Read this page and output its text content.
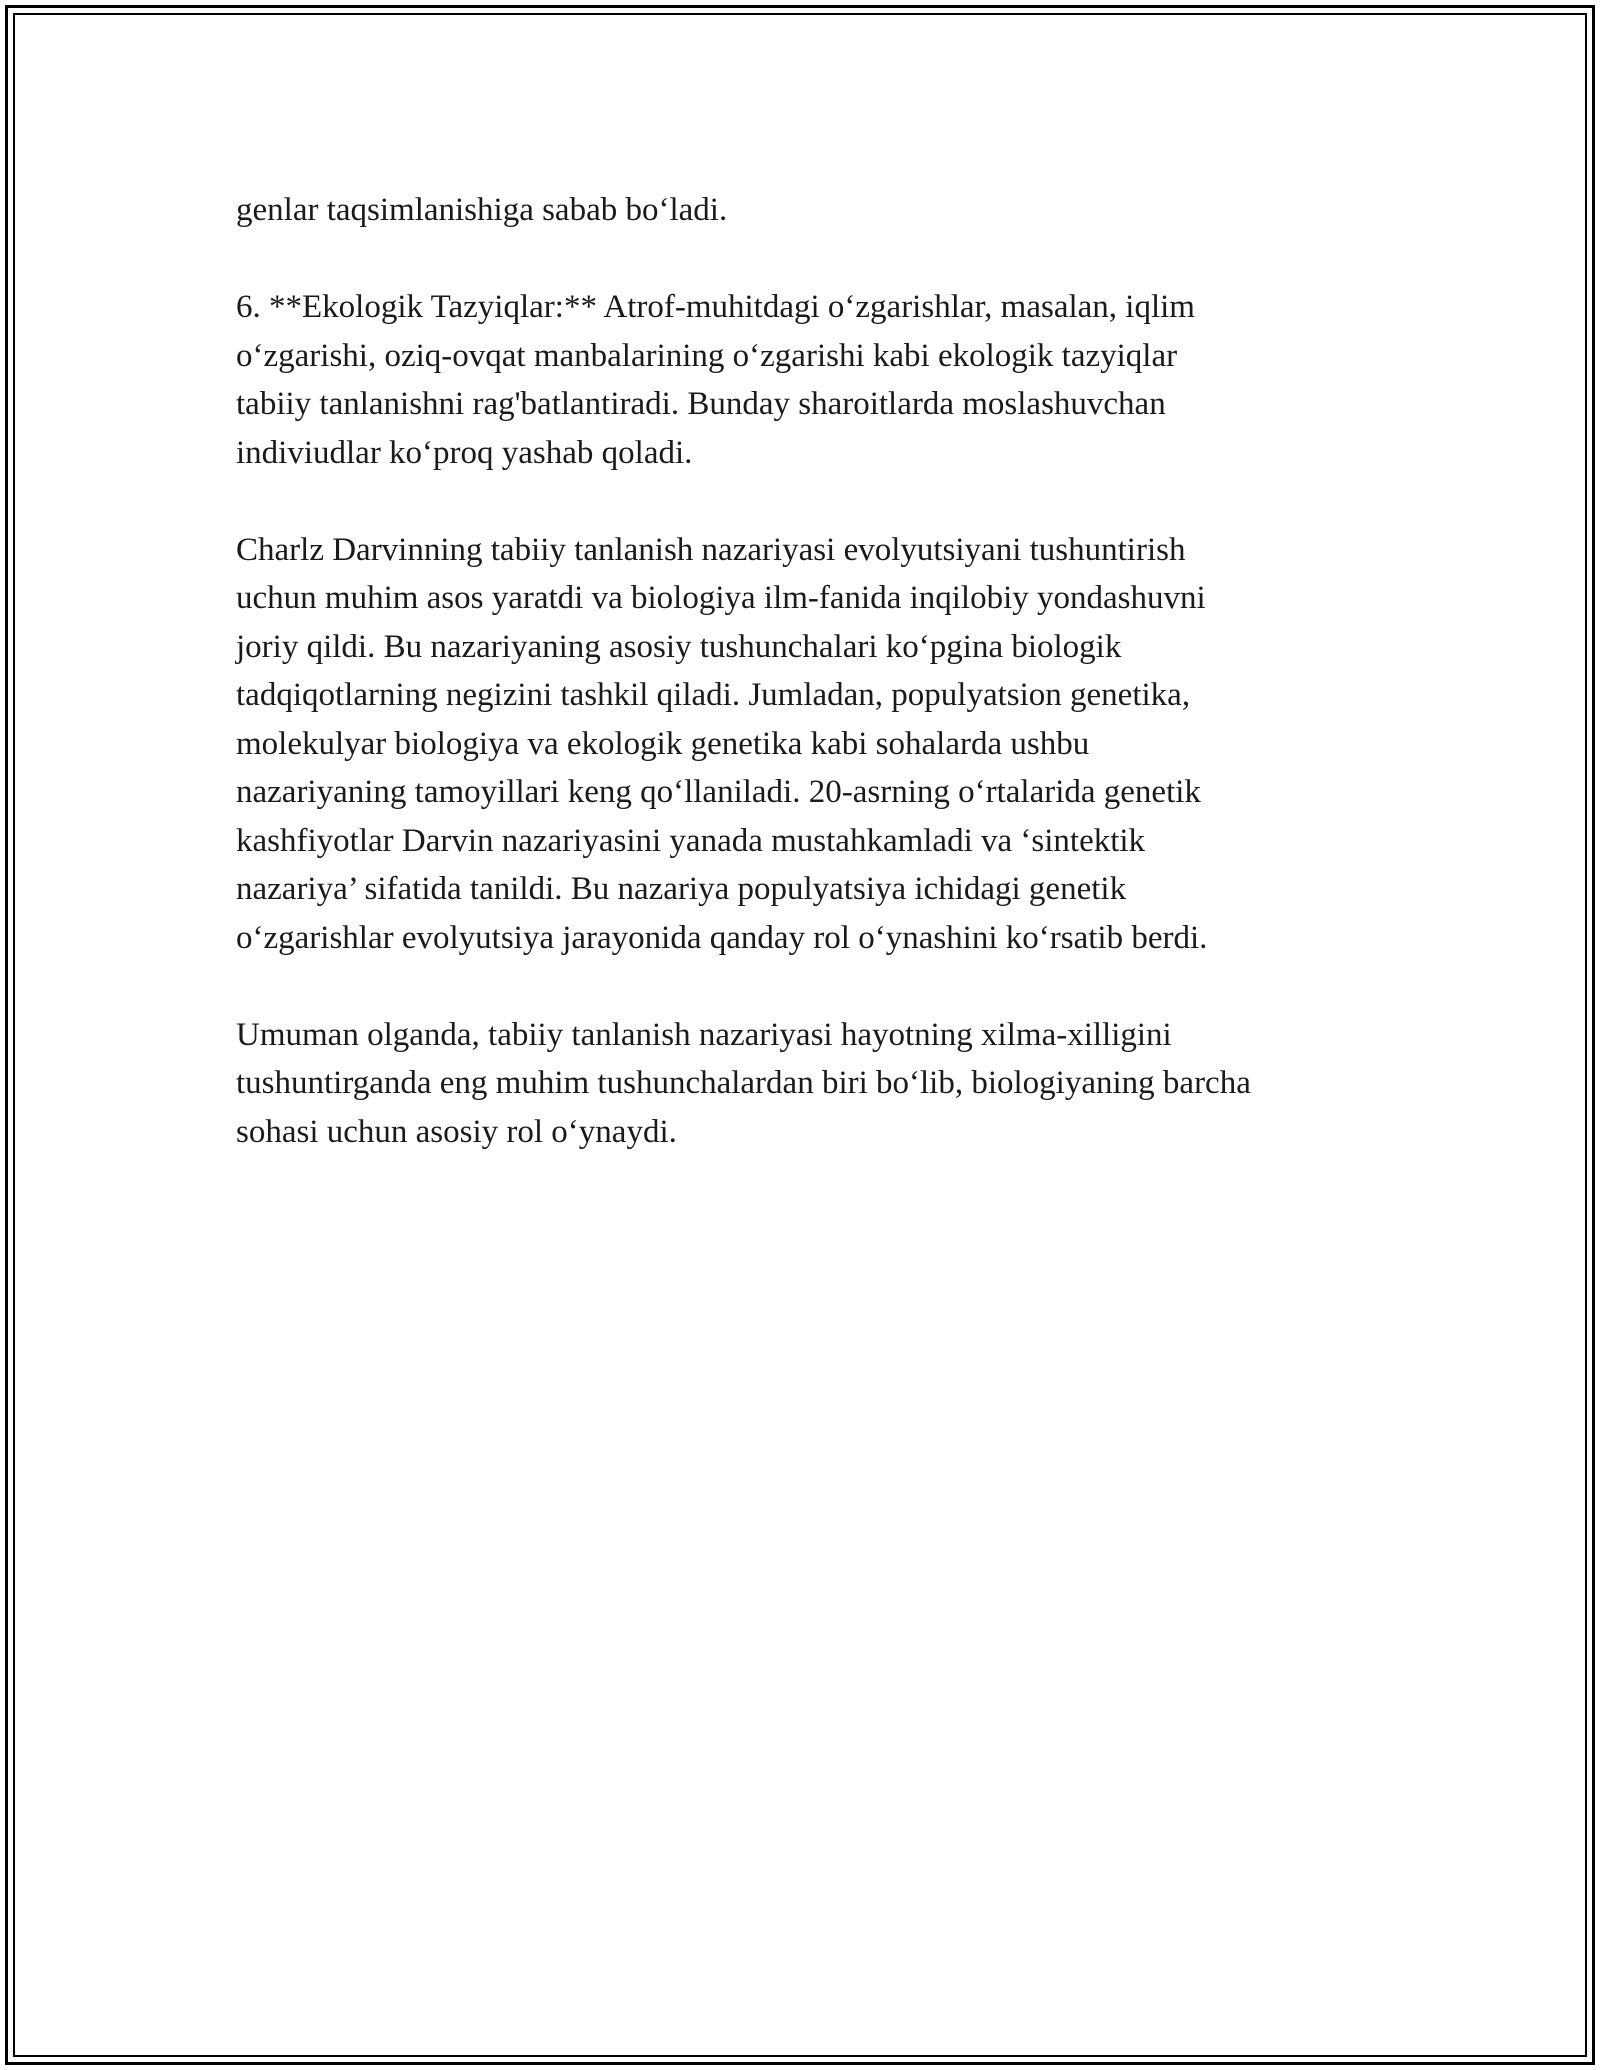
genlar taqsimlanishiga sabab bo‘ladi.

6. **Ekologik Tazyiqlar:** Atrof-muhitdagi o‘zgarishlar, masalan, iqlim
o‘zgarishi, oziq-ovqat manbalarining o‘zgarishi kabi ekologik tazyiqlar
tabiiy tanlanishni rag'batlantiradi. Bunday sharoitlarda moslashuvchan
indiviudlar ko‘proq yashab qoladi.

Charlz Darvinning tabiiy tanlanish nazariyasi evolyutsiyani tushuntirish
uchun muhim asos yaratdi va biologiya ilm-fanida inqilobiy yondashuvni
joriy qildi. Bu nazariyaning asosiy tushunchalari ko‘pgina biologik
tadqiqotlarning negizini tashkil qiladi. Jumladan, populyatsion genetika,
molekulyar biologiya va ekologik genetika kabi sohalarda ushbu
nazariyaning tamoyillari keng qo‘llaniladi. 20-asrning o‘rtalarida genetik
kashfiyotlar Darvin nazariyasini yanada mustahkamladi va ‘sintektik
nazariya’ sifatida tanildi. Bu nazariya populyatsiya ichidagi genetik
o‘zgarishlar evolyutsiya jarayonida qanday rol o‘ynashini ko‘rsatib berdi.

Umuman olganda, tabiiy tanlanish nazariyasi hayotning xilma-xilligini
tushuntirganda eng muhim tushunchalardan biri bo‘lib, biologiyaning barcha
sohasi uchun asosiy rol o‘ynaydi.
